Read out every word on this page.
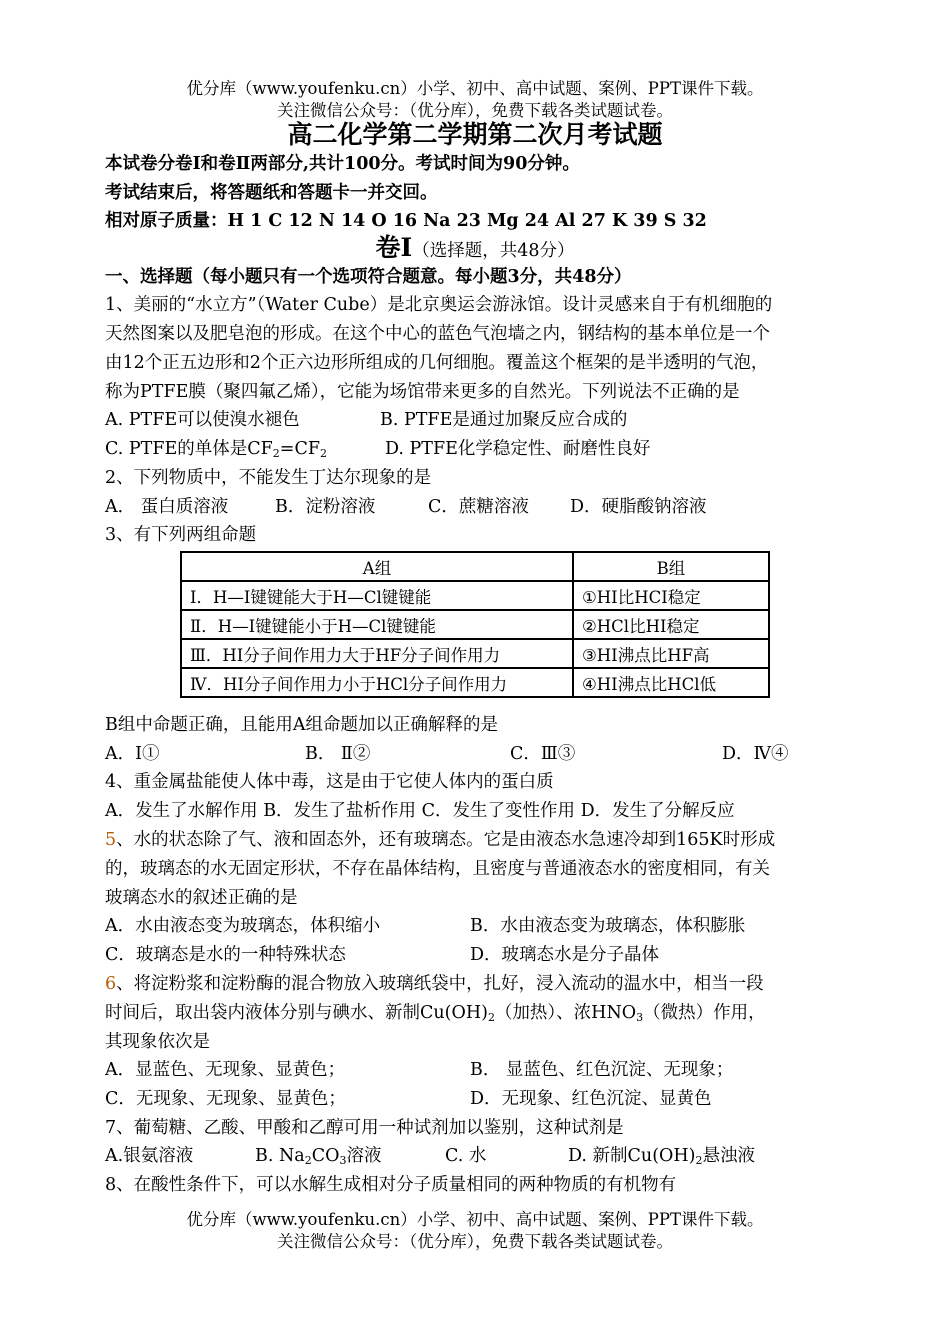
优分库（www.youfenku.cn）小学、初中、高中试题、案例、PPT课件下载。
关注微信公众号：（优分库），免费下载各类试题试卷。
高二化学第二学期第二次月考试题
本试卷分卷Ⅰ和卷Ⅱ两部分,共计100分。考试时间为90分钟。
考试结束后，将答题纸和答题卡一并交回。
相对原子质量：H 1 C 12 N 14 O 16 Na 23 Mg 24 Al 27 K 39 S 32
卷Ⅰ（选择题，共48分）
一、选择题（每小题只有一个选项符合题意。每小题3分，共48分）
1、美丽的“水立方”（Water Cube）是北京奥运会游泳馆。设计灵感来自于有机细胞的
天然图案以及肥皂泡的形成。在这个中心的蓝色气泡墙之内，钢结构的基本单位是一个
由12个正五边形和2个正六边形所组成的几何细胞。覆盖这个框架的是半透明的气泡，
称为PTFE膜（聚四氟乙烯），它能为场馆带来更多的自然光。下列说法不正确的是
A. PTFE可以使溴水褪色	B. PTFE是通过加聚反应合成的
C. PTFE的单体是$CF_2=CF_2$	D. PTFE化学稳定性、耐磨性良好
2、下列物质中，不能发生丁达尔现象的是
A． 蛋白质溶液	B．淀粉溶液	C．蔗糖溶液 D．硬脂酸钠溶液
3、有下列两组命题
A组	B组
Ⅰ．H—I键键能大于H—Cl键键能	①HI比HCI稳定
Ⅱ．H—I键键能小于H—Cl键键能	②HCl比HI稳定
Ⅲ．HI分子间作用力大于HF分子间作用力	③HI沸点比HF高
Ⅳ．HI分子间作用力小于HCl分子间作用力	④HI沸点比HCl低
B组中命题正确，且能用A组命题加以正确解释的是
A．Ⅰ①	B． Ⅱ②	C．Ⅲ③	D．Ⅳ④
4、重金属盐能使人体中毒，这是由于它使人体内的蛋白质
A．发生了水解作用 B．发生了盐析作用 C．发生了变性作用 D．发生了分解反应
5、水的状态除了气、液和固态外，还有玻璃态。它是由液态水急速冷却到165K时形成
的，玻璃态的水无固定形状，不存在晶体结构，且密度与普通液态水的密度相同，有关
玻璃态水的叙述正确的是
A．水由液态变为玻璃态，体积缩小	B．水由液态变为玻璃态，体积膨胀
C．玻璃态是水的一种特殊状态	D．玻璃态水是分子晶体
6、将淀粉浆和淀粉酶的混合物放入玻璃纸袋中，扎好，浸入流动的温水中，相当一段
时间后，取出袋内液体分别与碘水、新制$Cu(OH)_2$（加热）、浓$HNO_3$（微热）作用，
其现象依次是
A．显蓝色、无现象、显黄色；	B． 显蓝色、红色沉淀、无现象；
C．无现象、无现象、显黄色；	D．无现象、红色沉淀、显黄色
7、葡萄糖、乙酸、甲酸和乙醇可用一种试剂加以鉴别，这种试剂是
A.银氨溶液	B. $Na_2CO_3$溶液	C. 水	D. 新制$Cu(OH)_2$悬浊液
8、在酸性条件下，可以水解生成相对分子质量相同的两种物质的有机物有
优分库（www.youfenku.cn）小学、初中、高中试题、案例、PPT课件下载。
关注微信公众号：（优分库），免费下载各类试题试卷。
